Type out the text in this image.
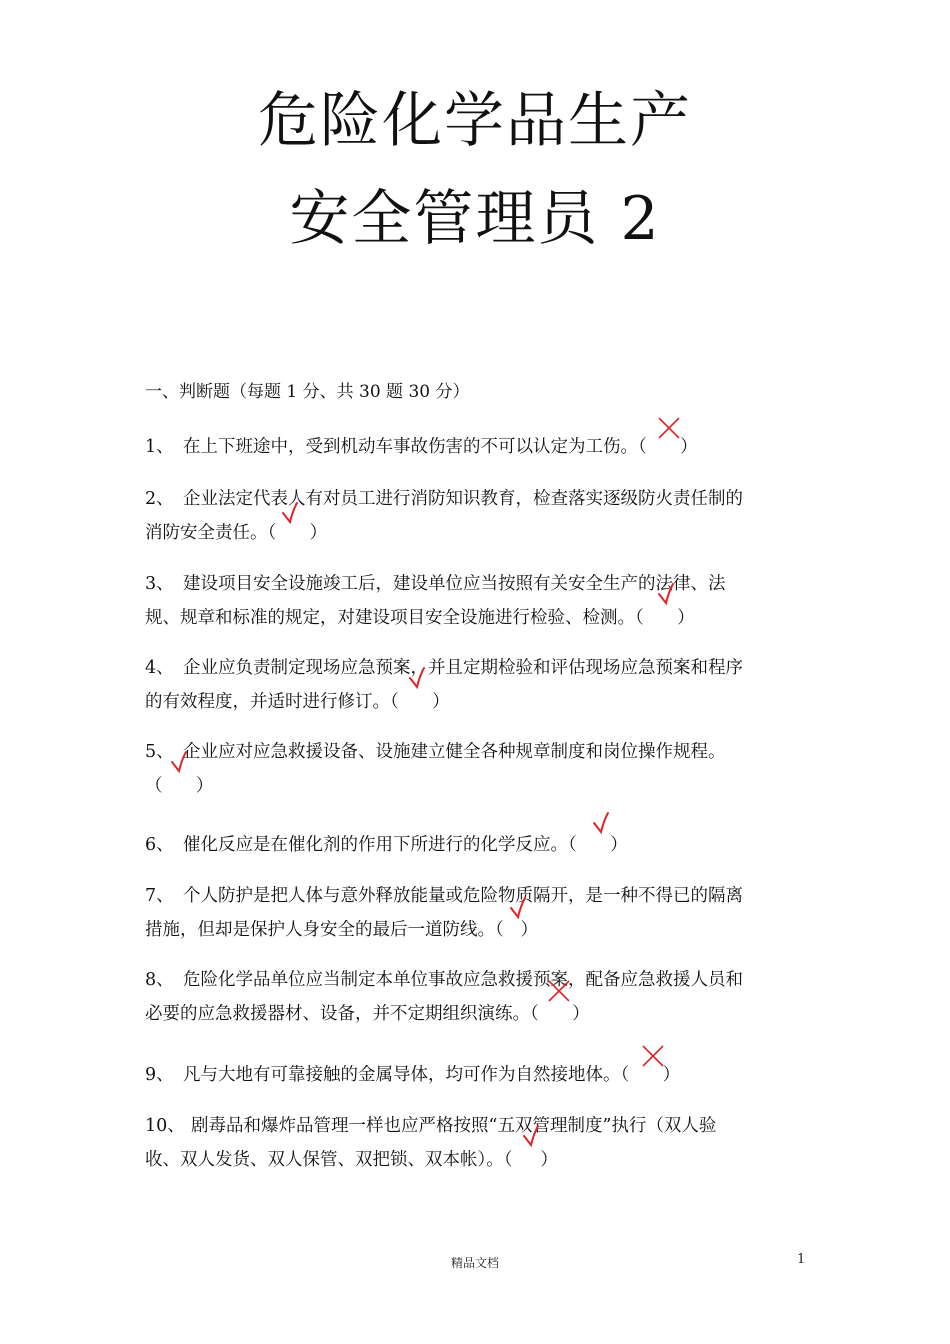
危险化学品生产
安全管理员 2
一、判断题（每题 1 分、共 30 题 30 分）
1、 在上下班途中，受到机动车事故伤害的不可以认定为工伤。（ ）
2、 企业法定代表人有对员工进行消防知识教育，检查落实逐级防火责任制的
消防安全责任。（ ）
3、 建设项目安全设施竣工后，建设单位应当按照有关安全生产的法律、法
规、规章和标准的规定，对建设项目安全设施进行检验、检测。（ ）
4、 企业应负责制定现场应急预案，并且定期检验和评估现场应急预案和程序
的有效程度，并适时进行修订。（ ）
5、 企业应对应急救援设备、设施建立健全各种规章制度和岗位操作规程。
（ ）
6、 催化反应是在催化剂的作用下所进行的化学反应。（ ）
7、 个人防护是把人体与意外释放能量或危险物质隔开，是一种不得已的隔离
措施，但却是保护人身安全的最后一道防线。（ ）
8、 危险化学品单位应当制定本单位事故应急救援预案，配备应急救援人员和
必要的应急救援器材、设备，并不定期组织演练。（ ）
9、 凡与大地有可靠接触的金属导体，均可作为自然接地体。（ ）
10、 剧毒品和爆炸品管理一样也应严格按照“五双管理制度”执行（双人验
收、双人发货、双人保管、双把锁、双本帐）。（ ）
精品文档	1
